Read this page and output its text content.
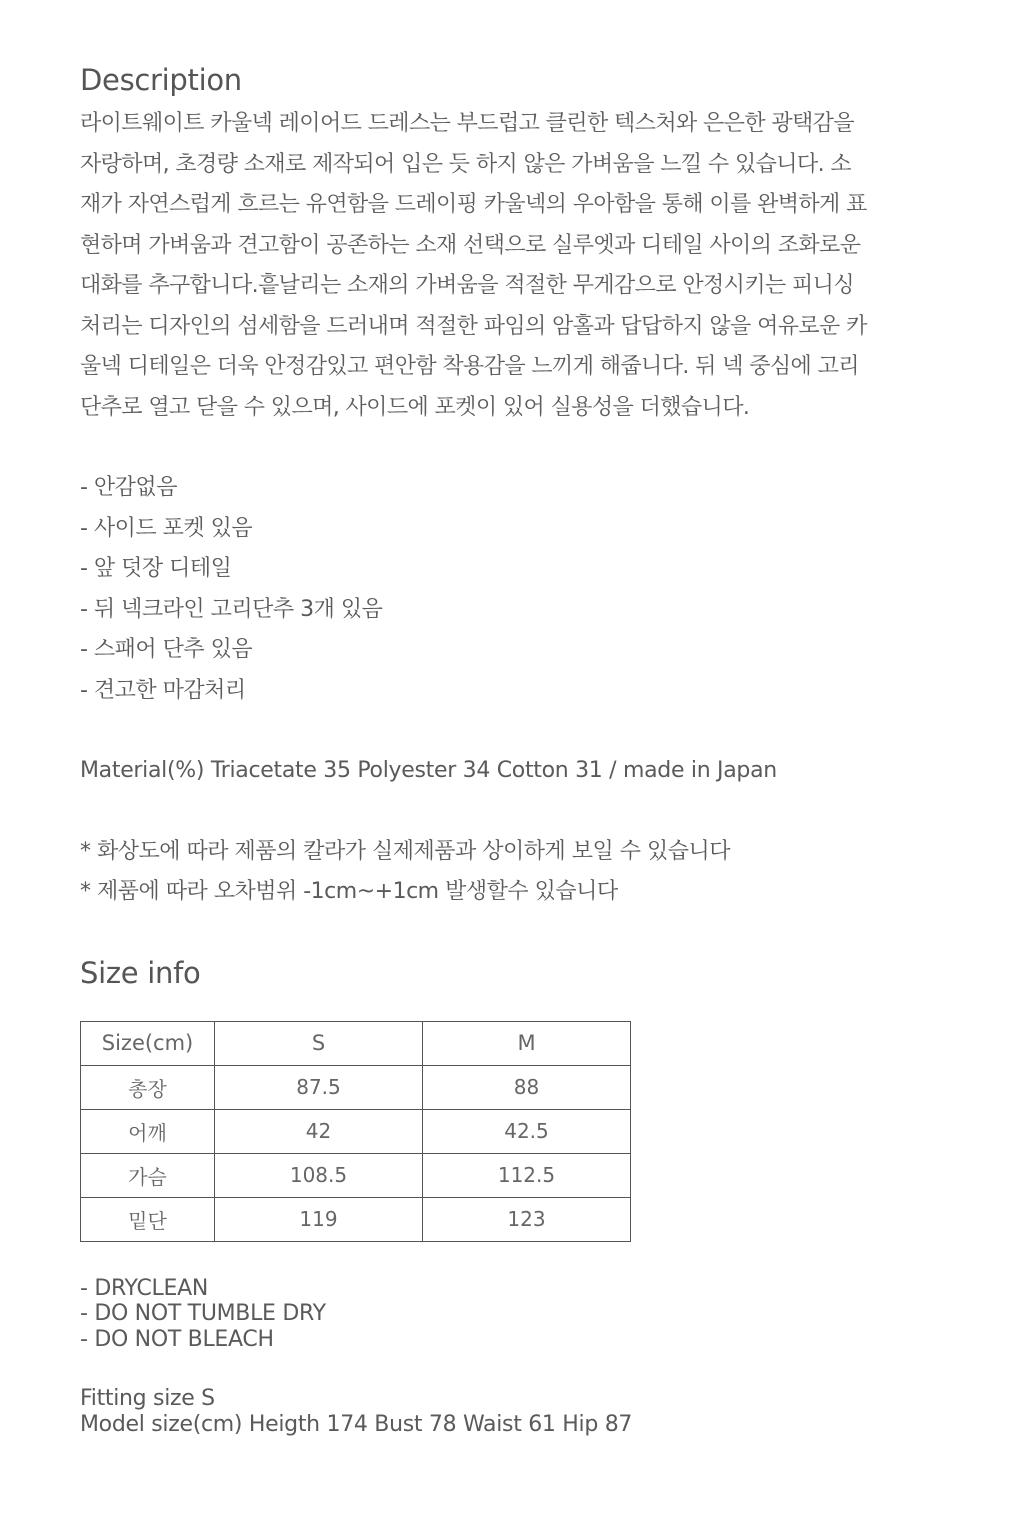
Description

라이트웨이트 카울넥 레이어드 드레스는 부드럽고 클린한 텍스처와 은은한 광택감을
자랑하며, 초경량 소재로 제작되어 입은 듯 하지 않은 가벼움을 느낄 수 있습니다. 소
재가 자연스럽게 흐르는 유연함을 드레이핑 카울넥의 우아함을 통해 이를 완벽하게 표
현하며 가벼움과 견고함이 공존하는 소재 선택으로 실루엣과 디테일 사이의 조화로운
대화를 추구합니다.흩날리는 소재의 가벼움을 적절한 무게감으로 안정시키는 피니싱
처리는 디자인의 섬세함을 드러내며 적절한 파임의 암홀과 답답하지 않을 여유로운 카
울넥 디테일은 더욱 안정감있고 편안함 착용감을 느끼게 해줍니다. 뒤 넥 중심에 고리
단추로 열고 닫을 수 있으며, 사이드에 포켓이 있어 실용성을 더했습니다.

- 안감없음
- 사이드 포켓 있음
- 앞 덧장 디테일
- 뒤 넥크라인 고리단추 3개 있음
- 스패어 단추 있음
- 견고한 마감처리
Material(%) Triacetate 35 Polyester 34 Cotton 31 / made in Japan
* 화상도에 따라 제품의 칼라가 실제제품과 상이하게 보일 수 있습니다
* 제품에 따라 오차범위 -1cm~+1cm 발생할수 있습니다
Size info
Size(cm)	S	M
총장	87.5	88
어깨	42	42.5
가슴	108.5	112.5
밑단	119	123
- DRYCLEAN
- DO NOT TUMBLE DRY
- DO NOT BLEACH
Fitting size S
Model size(cm) Heigth 174 Bust 78 Waist 61 Hip 87
